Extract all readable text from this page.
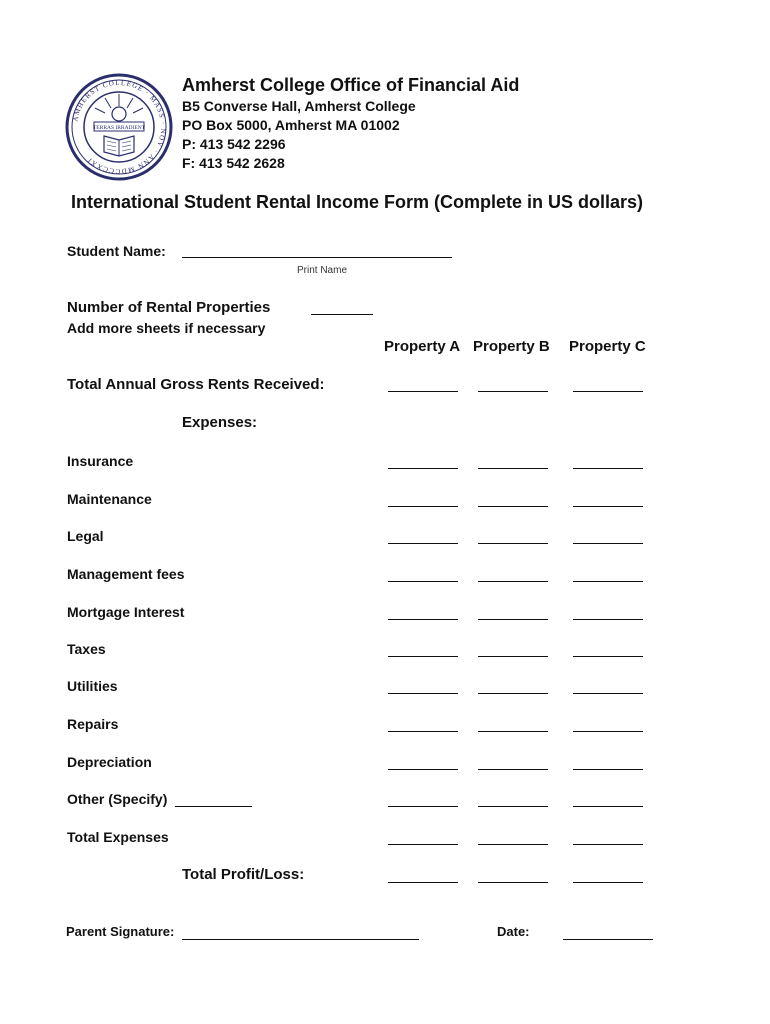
TERRAS IRRADIENT
AMHERST COLLEGE · MASS · NOV · ANN MDCCCXXI
Amherst College Office of Financial Aid
B5 Converse Hall, Amherst College
PO Box 5000, Amherst MA 01002
P: 413 542 2296
F: 413 542 2628
International Student Rental Income Form (Complete in US dollars)
Student Name:
Print Name
Number of Rental Properties
Add more sheets if necessary
Property A Property B Property C
Total Annual Gross Rents Received:
Expenses:
Insurance
Maintenance
Legal
Management fees
Mortgage Interest
Taxes
Utilities
Repairs
Depreciation
Other (Specify)
Total Expenses
Total Profit/Loss:
Parent Signature:	Date:
